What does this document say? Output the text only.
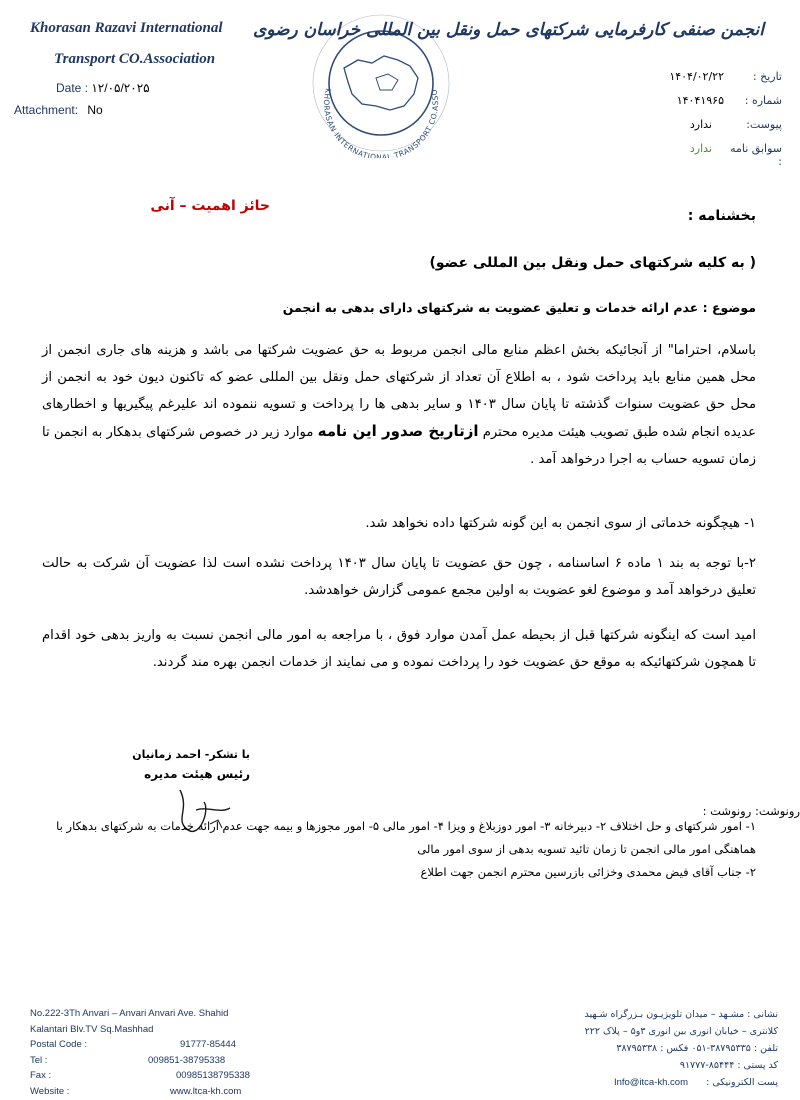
Khorasan Razavi International
Transport CO.Association
Date : ۱۲/۰۵/۲۰۲۵
Attachment: No
KHORASAN INTERNATIONAL TRANSPORT CO.ASSO
انجمن صنفی کارفرمایی شرکتهای حمل ونقل بین المللی خراسان رضوی
تاریخ :
۱۴۰۴/۰۲/۲۲
شماره :
۱۴۰۴۱۹۶۵
پیوست:
ندارد
سوابق نامه :
ندارد
حائز اهمیت – آنی
بخشنامه :
( به کلیه شرکتهای حمل ونقل بین المللی عضو)
موضوع : عدم ارائه خدمات و تعلیق عضویت به شرکتهای دارای بدهی به انجمن
باسلام، احتراما" از آنجائیکه بخش اعظم منابع مالی انجمن مربوط به حق عضویت شرکتها می باشد و هزینه های جاری انجمن از محل همین منابع باید پرداخت شود ، به اطلاع آن تعداد از شرکتهای حمل ونقل بین المللی عضو که تاکنون دیون خود به انجمن از محل حق عضویت سنوات گذشته تا پایان سال ۱۴۰۳ و سایر بدهی ها را پرداخت و تسویه ننموده اند علیرغم پیگیریها و اخطارهای عدیده انجام شده طبق تصویب هیئت مدیره محترم ازتاریخ صدور این نامه موارد زیر در خصوص شرکتهای بدهکار به انجمن تا زمان تسویه حساب به اجرا درخواهد آمد .
۱- هیچگونه خدماتی از سوی انجمن به این گونه شرکتها داده نخواهد شد.
۲-با توجه به بند ۱ ماده ۶ اساسنامه ، چون حق عضویت تا پایان سال ۱۴۰۳ پرداخت نشده است لذا عضویت آن شرکت به حالت تعلیق درخواهد آمد و موضوع لغو عضویت به اولین مجمع عمومی گزارش خواهدشد.
امید است که اینگونه شرکتها قبل از بحیطه عمل آمدن موارد فوق ، با مراجعه به امور مالی انجمن نسبت به واریز بدهی خود اقدام تا همچون شرکتهائیکه به موقع حق عضویت خود را پرداخت نموده و می نمایند از خدمات انجمن بهره مند گردند.
با تشکر- احمد زمانیان
رئیس هیئت مدیره
رونوشت: رونوشت :
۱- امور شرکتهای و حل اختلاف ۲- دبیرخانه ۳- امور دوزبلاغ و ویزا ۴- امور مالی ۵- امور مجوزها و بیمه جهت عدم ارائه خدمات به شرکتهای بدهکار با هماهنگی امور مالی انجمن تا زمان تائید تسویه بدهی از سوی امور مالی
۲- جناب آقای فیض محمدی وخزائی بازرسین محترم انجمن جهت اطلاع
No.222-3Th Anvari – Anvari Anvari Ave. Shahid
Kalantari Blv.TV Sq.Mashhad
Postal Code :	91777-85444
Tel :	009851-38795338
Fax :	00985138795338
Website :	www.ltca-kh.com
نشانی : مشـهد – میدان تلویزیـون بـزرگراه شـهید
کلانتری – خیابان انوری بین انوری ۳و۵ – پلاک ۲۲۲
تلفن : ۳۸۷۹۵۳۳۵-۰۵۱ فکس : ۳۸۷۹۵۳۳۸
کد پستی : ۸۵۴۴۴-۹۱۷۷۷
پست الکترونیکی :
Info@itca-kh.com
